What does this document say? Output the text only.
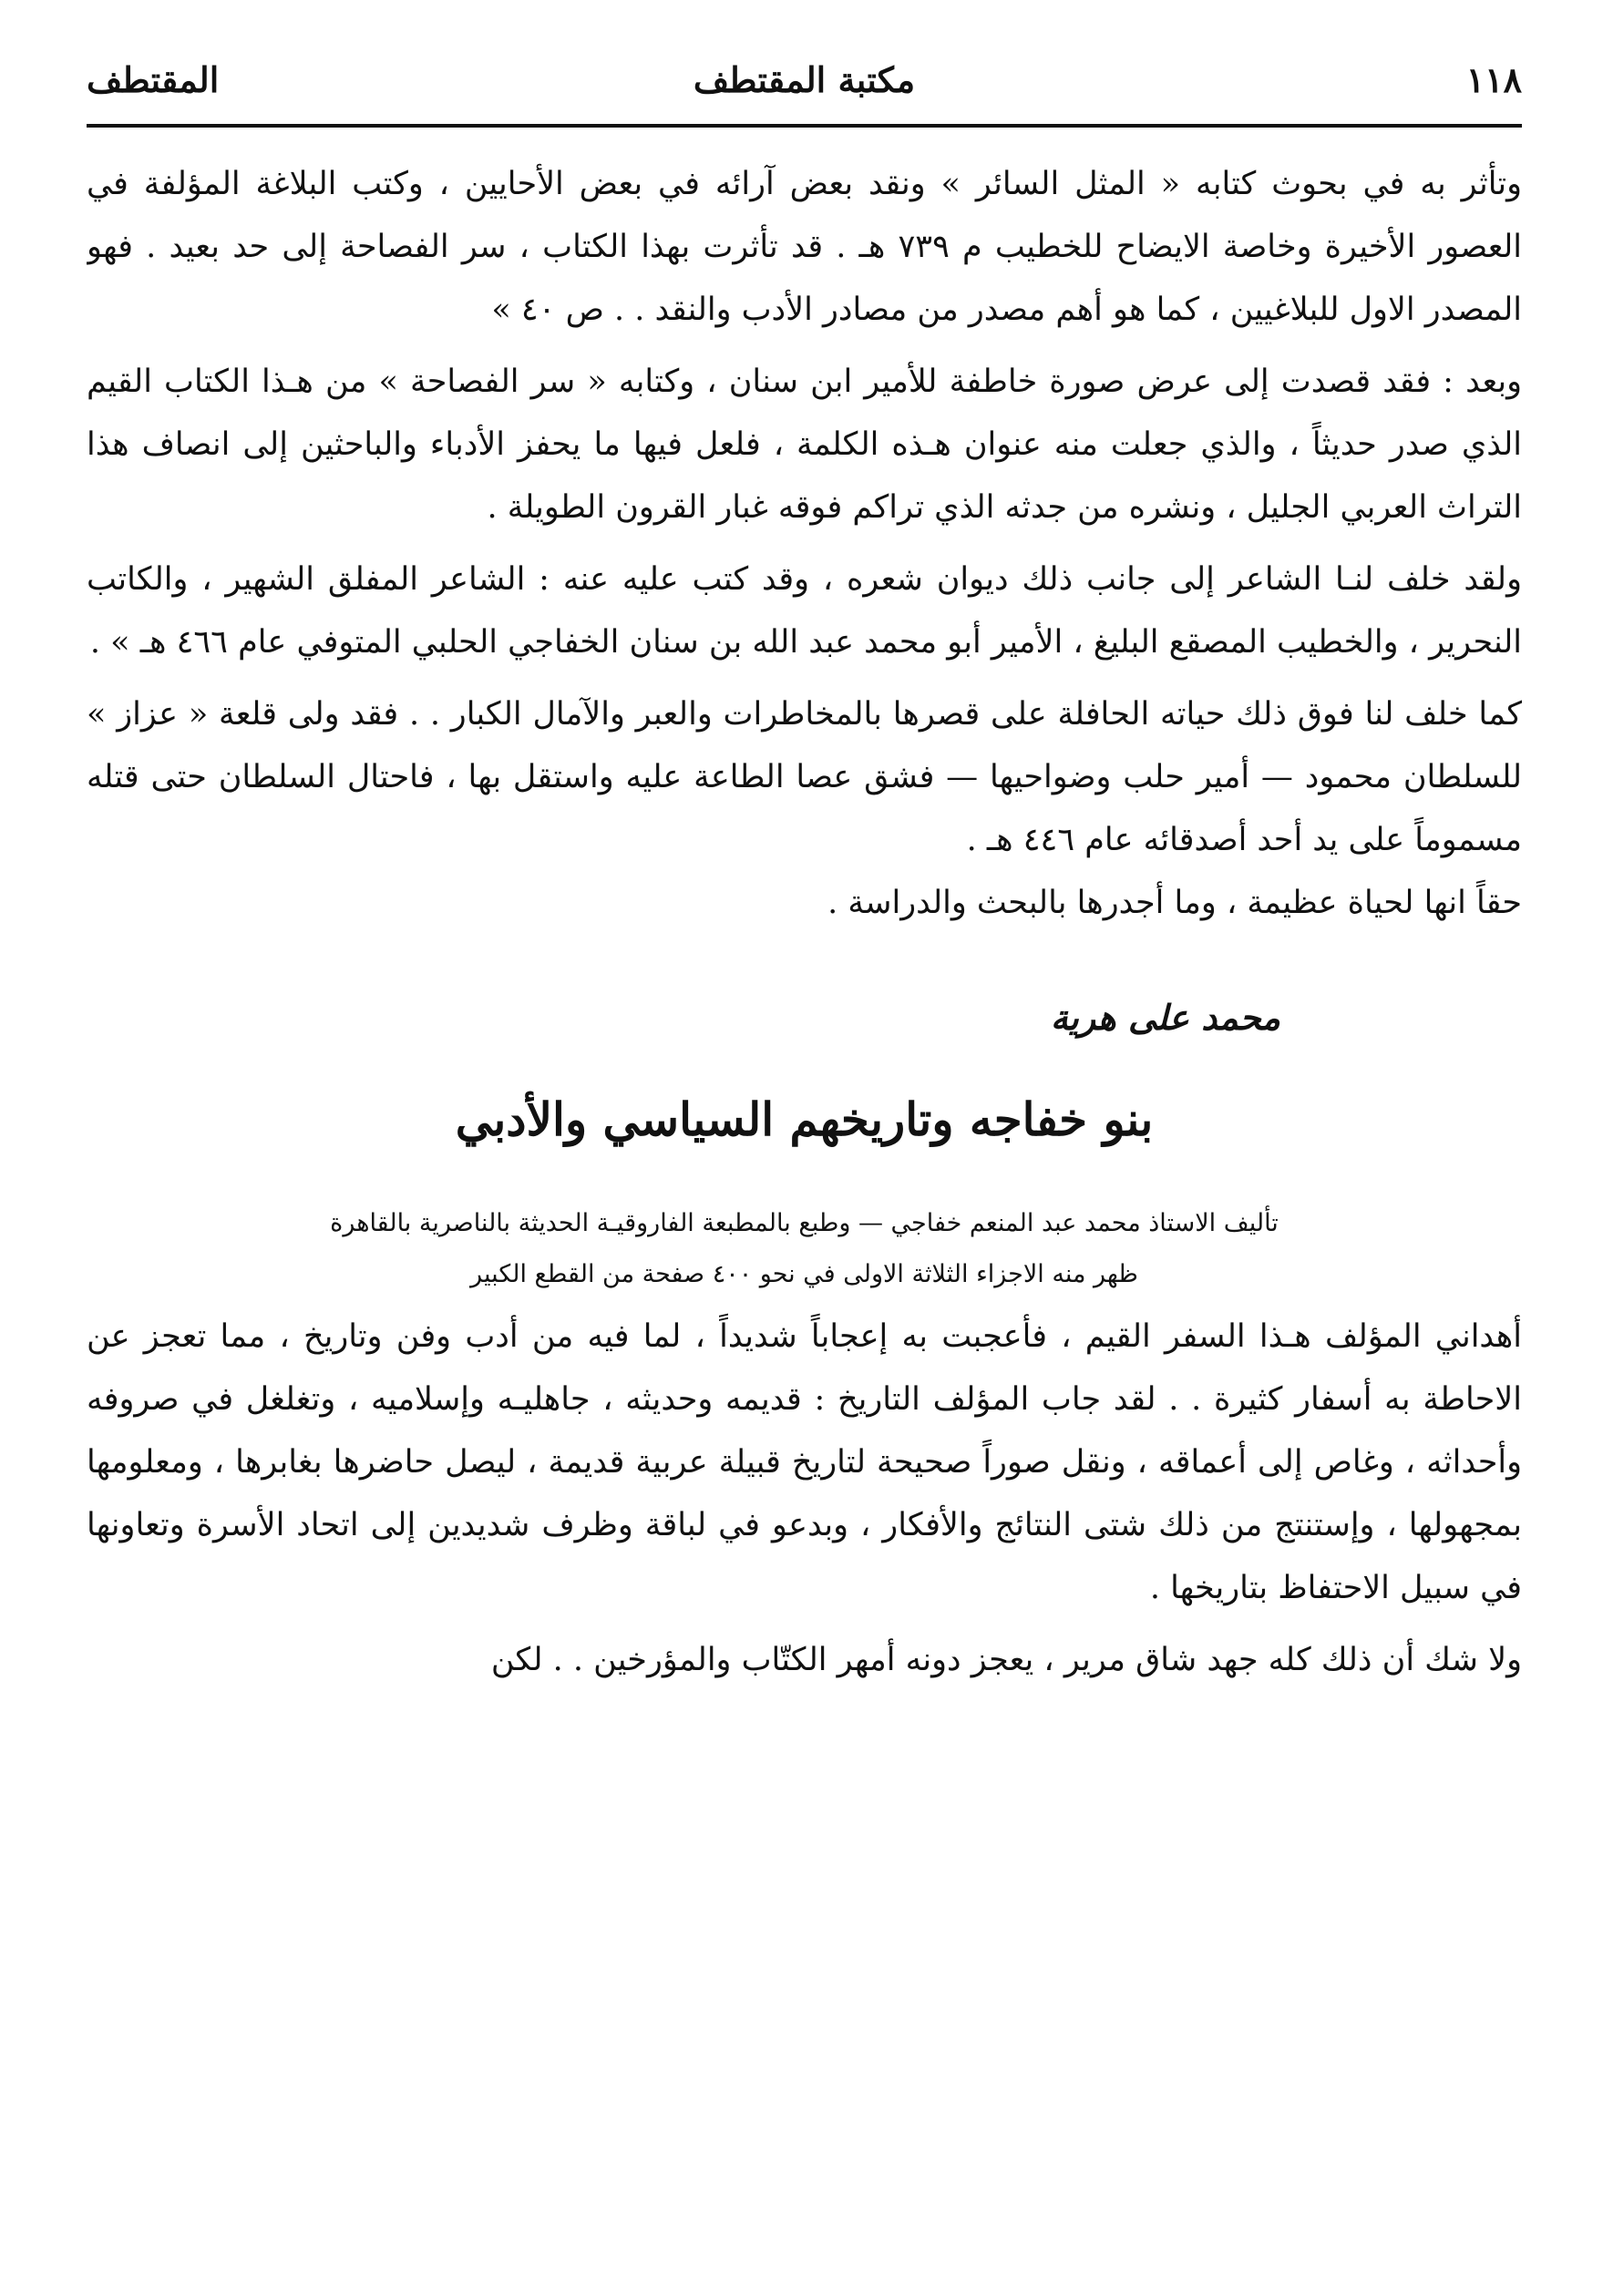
١١٨
مكتبة المقتطف
المقتطف

وتأثر به في بحوث كتابه « المثل السائر » ونقد بعض آرائه في بعض الأحايين ، وكتب البلاغة المؤلفة في العصور الأخيرة وخاصة الايضاح للخطيب م ٧٣٩ هـ . قد تأثرت بهذا الكتاب ، سر الفصاحة إلى حد بعيد . فهو المصدر الاول للبلاغيين ، كما هو أهم مصدر من مصادر الأدب والنقد . . ص ٤٠ »

وبعد : فقد قصدت إلى عرض صورة خاطفة للأمير ابن سنان ، وكتابه « سر الفصاحة » من هـذا الكتاب القيم الذي صدر حديثاً ، والذي جعلت منه عنوان هـذه الكلمة ، فلعل فيها ما يحفز الأدباء والباحثين إلى انصاف هذا التراث العربي الجليل ، ونشره من جدثه الذي تراكم فوقه غبار القرون الطويلة .

ولقد خلف لنـا الشاعر إلى جانب ذلك ديوان شعره ، وقد كتب عليه عنه : الشاعر المفلق الشهير ، والكاتب النحرير ، والخطيب المصقع البليغ ، الأمير أبو محمد عبد الله بن سنان الخفاجي الحلبي المتوفي عام ٤٦٦ هـ » .

كما خلف لنا فوق ذلك حياته الحافلة على قصرها بالمخاطرات والعبر والآمال الكبار . . فقد ولى قلعة « عزاز » للسلطان محمود — أمير حلب وضواحيها — فشق عصا الطاعة عليه واستقل بها ، فاحتال السلطان حتى قتله مسموماً على يد أحد أصدقائه عام ٤٤٦ هـ .

حقاً انها لحياة عظيمة ، وما أجدرها بالبحث والدراسة .

محمد على هرية
بنو خفاجه وتاريخهم السياسي والأدبي
تأليف الاستاذ محمد عبد المنعم خفاجي — وطبع بالمطبعة الفاروقيـة الحديثة بالناصرية بالقاهرة
ظهر منه الاجزاء الثلاثة الاولى في نحو ٤٠٠ صفحة من القطع الكبير

أهداني المؤلف هـذا السفر القيم ، فأعجبت به إعجاباً شديداً ، لما فيه من أدب وفن وتاريخ ، مما تعجز عن الاحاطة به أسفار كثيرة . . لقد جاب المؤلف التاريخ : قديمه وحديثه ، جاهليـه وإسلاميه ، وتغلغل في صروفه وأحداثه ، وغاص إلى أعماقه ، ونقل صوراً صحيحة لتاريخ قبيلة عربية قديمة ، ليصل حاضرها بغابرها ، ومعلومها بمجهولها ، وإستنتج من ذلك شتى النتائج والأفكار ، وبدعو في لباقة وظرف شديدين إلى اتحاد الأسرة وتعاونها في سبيل الاحتفاظ بتاريخها .

ولا شك أن ذلك كله جهد شاق مرير ، يعجز دونه أمهر الكتّاب والمؤرخين . . لكن
